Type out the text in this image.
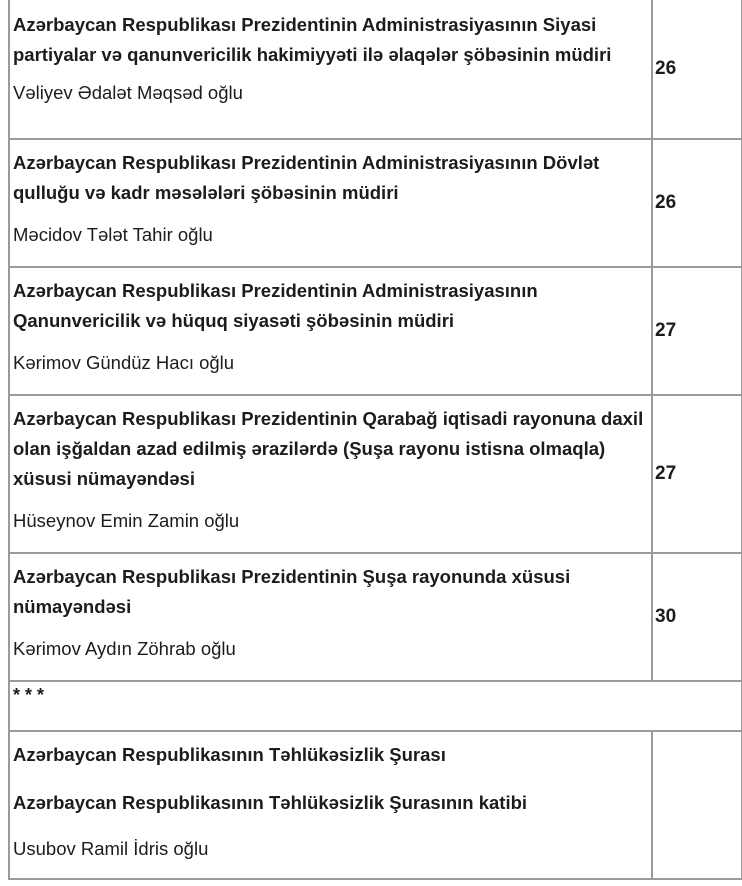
Azərbaycan Respublikası Prezidentinin Administrasiyasının Siyasi partiyalar və qanunvericilik hakimiyyəti ilə əlaqələr şöbəsinin müdiri

Vəliyev Ədalət Məqsəd oğlu	26

Azərbaycan Respublikası Prezidentinin Administrasiyasının Dövlət qulluğu və kadr məsələləri şöbəsinin müdiri

Məcidov Tələt Tahir oğlu	26

Azərbaycan Respublikası Prezidentinin Administrasiyasının Qanunvericilik və hüquq siyasəti şöbəsinin müdiri

Kərimov Gündüz Hacı oğlu	27

Azərbaycan Respublikası Prezidentinin Qarabağ iqtisadi rayonuna daxil olan işğaldan azad edilmiş ərazilərdə (Şuşa rayonu istisna olmaqla) xüsusi nümayəndəsi

Hüseynov Emin Zamin oğlu	27

Azərbaycan Respublikası Prezidentinin Şuşa rayonunda xüsusi nümayəndəsi

Kərimov Aydın Zöhrab oğlu	30

* * *	

Azərbaycan Respublikasının Təhlükəsizlik Şurası

Azərbaycan Respublikasının Təhlükəsizlik Şurasının katibi

Usubov Ramil İdris oğlu	
